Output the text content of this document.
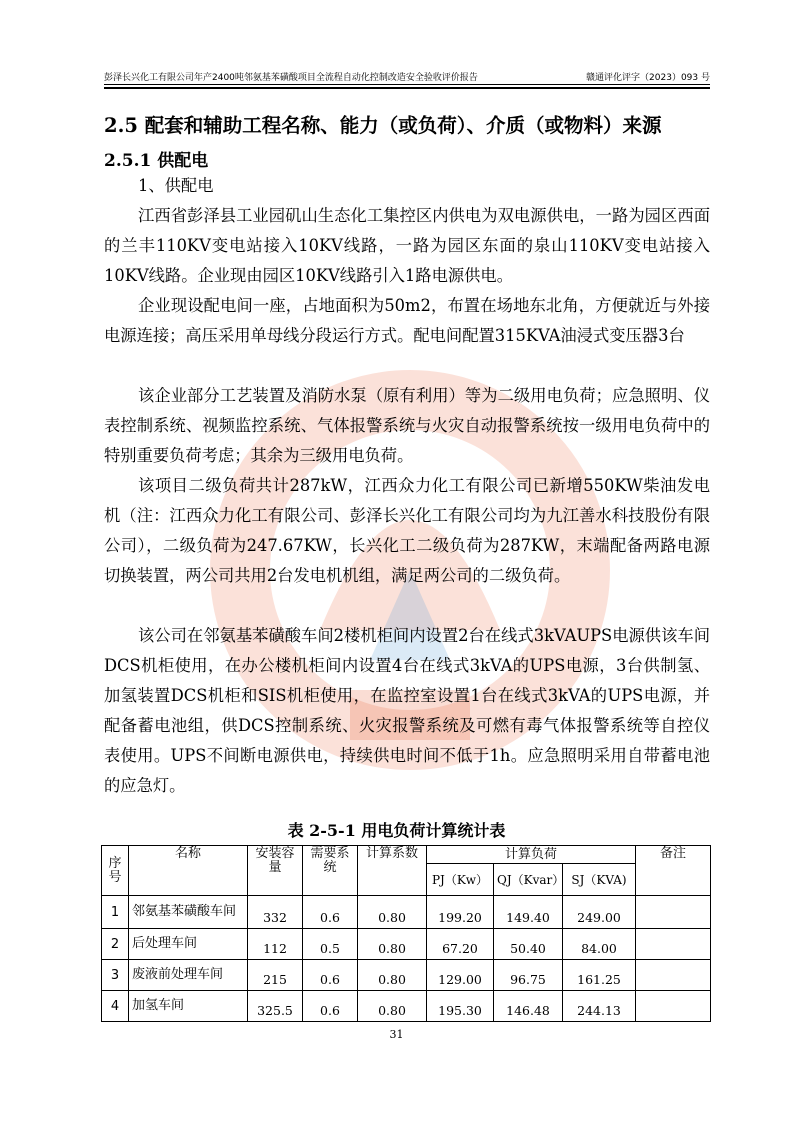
彭泽长兴化工有限公司年产2400吨邻氨基苯磺酸项目全流程自动化控制改造安全验收评价报告	赣通评化评字（2023）093 号
2.5 配套和辅助工程名称、能力（或负荷）、介质（或物料）来源
2.5.1 供配电
1、供配电
江西省彭泽县工业园矶山生态化工集控区内供电为双电源供电，一路为园区西面的兰丰110KV变电站接入10KV线路，一路为园区东面的泉山110KV变电站接入10KV线路。企业现由园区10KV线路引入1路电源供电。
企业现设配电间一座，占地面积为50m2，布置在场地东北角，方便就近与外接电源连接；高压采用单母线分段运行方式。配电间配置315KVA油浸式变压器3台
该企业部分工艺装置及消防水泵（原有利用）等为二级用电负荷；应急照明、仪表控制系统、视频监控系统、气体报警系统与火灾自动报警系统按一级用电负荷中的特别重要负荷考虑；其余为三级用电负荷。
该项目二级负荷共计287kW，江西众力化工有限公司已新增550KW柴油发电机（注：江西众力化工有限公司、彭泽长兴化工有限公司均为九江善水科技股份有限公司），二级负荷为247.67KW，长兴化工二级负荷为287KW，末端配备两路电源切换装置，两公司共用2台发电机机组，满足两公司的二级负荷。
该公司在邻氨基苯磺酸车间2楼机柜间内设置2台在线式3kVAUPS电源供该车间DCS机柜使用，在办公楼机柜间内设置4台在线式3kVA的UPS电源，3台供制氢、加氢装置DCS机柜和SIS机柜使用，在监控室设置1台在线式3kVA的UPS电源，并配备蓄电池组，供DCS控制系统、火灾报警系统及可燃有毒气体报警系统等自控仪表使用。UPS不间断电源供电，持续供电时间不低于1h。应急照明采用自带蓄电池的应急灯。
表 2-5-1 用电负荷计算统计表
序号	名称	安装容量	需要系统	计算系数	计算负荷			备注
					PJ（Kw）	QJ（Kvar）	SJ（KVA)	
1	邻氨基苯磺酸车间	332	0.6	0.80	199.20	149.40	249.00	
2	后处理车间	112	0.5	0.80	67.20	50.40	84.00	
3	废液前处理车间	215	0.6	0.80	129.00	96.75	161.25	
4	加氢车间	325.5	0.6	0.80	195.30	146.48	244.13	
31
